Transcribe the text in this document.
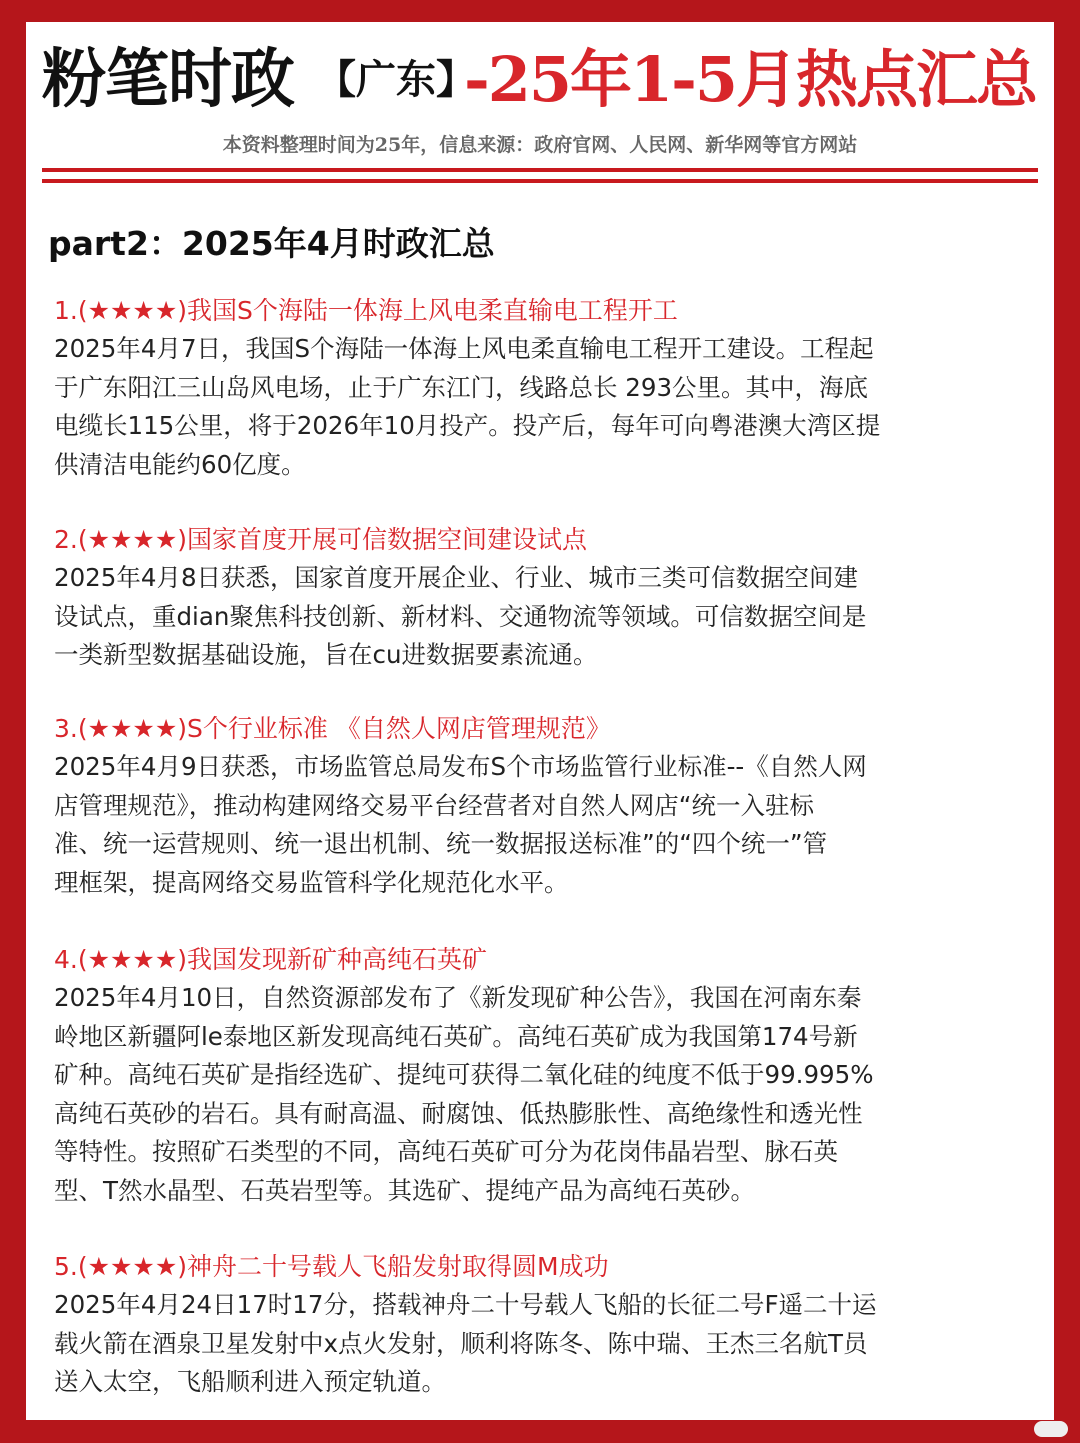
粉笔时政 【广东】
-25年1-5月热点汇总
本资料整理时间为25年，信息来源：政府官网、人民网、新华网等官方网站
part2：2025年4月时政汇总

1.(★★★★)我国S个海陆一体海上风电柔直输电工程开工

2025年4月7日，我国S个海陆一体海上风电柔直输电工程开工建设。工程起
于广东阳江三山岛风电场，止于广东江门，线路总长 293公里。其中，海底
电缆长115公里，将于2026年10月投产。投产后，每年可向粤港澳大湾区提
供清洁电能约60亿度。

2.(★★★★)国家首度开展可信数据空间建设试点

2025年4月8日获悉，国家首度开展企业、行业、城市三类可信数据空间建
设试点，重dian聚焦科技创新、新材料、交通物流等领域。可信数据空间是
一类新型数据基础设施，旨在cu进数据要素流通。

3.(★★★★)S个行业标准 《自然人网店管理规范》

2025年4月9日获悉，市场监管总局发布S个市场监管行业标准--《自然人网
店管理规范》，推动构建网络交易平台经营者对自然人网店“统一入驻标
准、统一运营规则、统一退出机制、统一数据报送标准”的“四个统一”管
理框架，提高网络交易监管科学化规范化水平。

4.(★★★★)我国发现新矿种高纯石英矿

2025年4月10日，自然资源部发布了《新发现矿种公告》，我国在河南东秦
岭地区新疆阿le泰地区新发现高纯石英矿。高纯石英矿成为我国第174号新
矿种。高纯石英矿是指经选矿、提纯可获得二氧化硅的纯度不低于99.995%
高纯石英砂的岩石。具有耐高温、耐腐蚀、低热膨胀性、高绝缘性和透光性
等特性。按照矿石类型的不同，高纯石英矿可分为花岗伟晶岩型、脉石英
型、T然水晶型、石英岩型等。其选矿、提纯产品为高纯石英砂。

5.(★★★★)神舟二十号载人飞船发射取得圆M成功

2025年4月24日17时17分，搭载神舟二十号载人飞船的长征二号F遥二十运
载火箭在酒泉卫星发射中x点火发射，顺利将陈冬、陈中瑞、王杰三名航T员
送入太空，飞船顺利进入预定轨道。
